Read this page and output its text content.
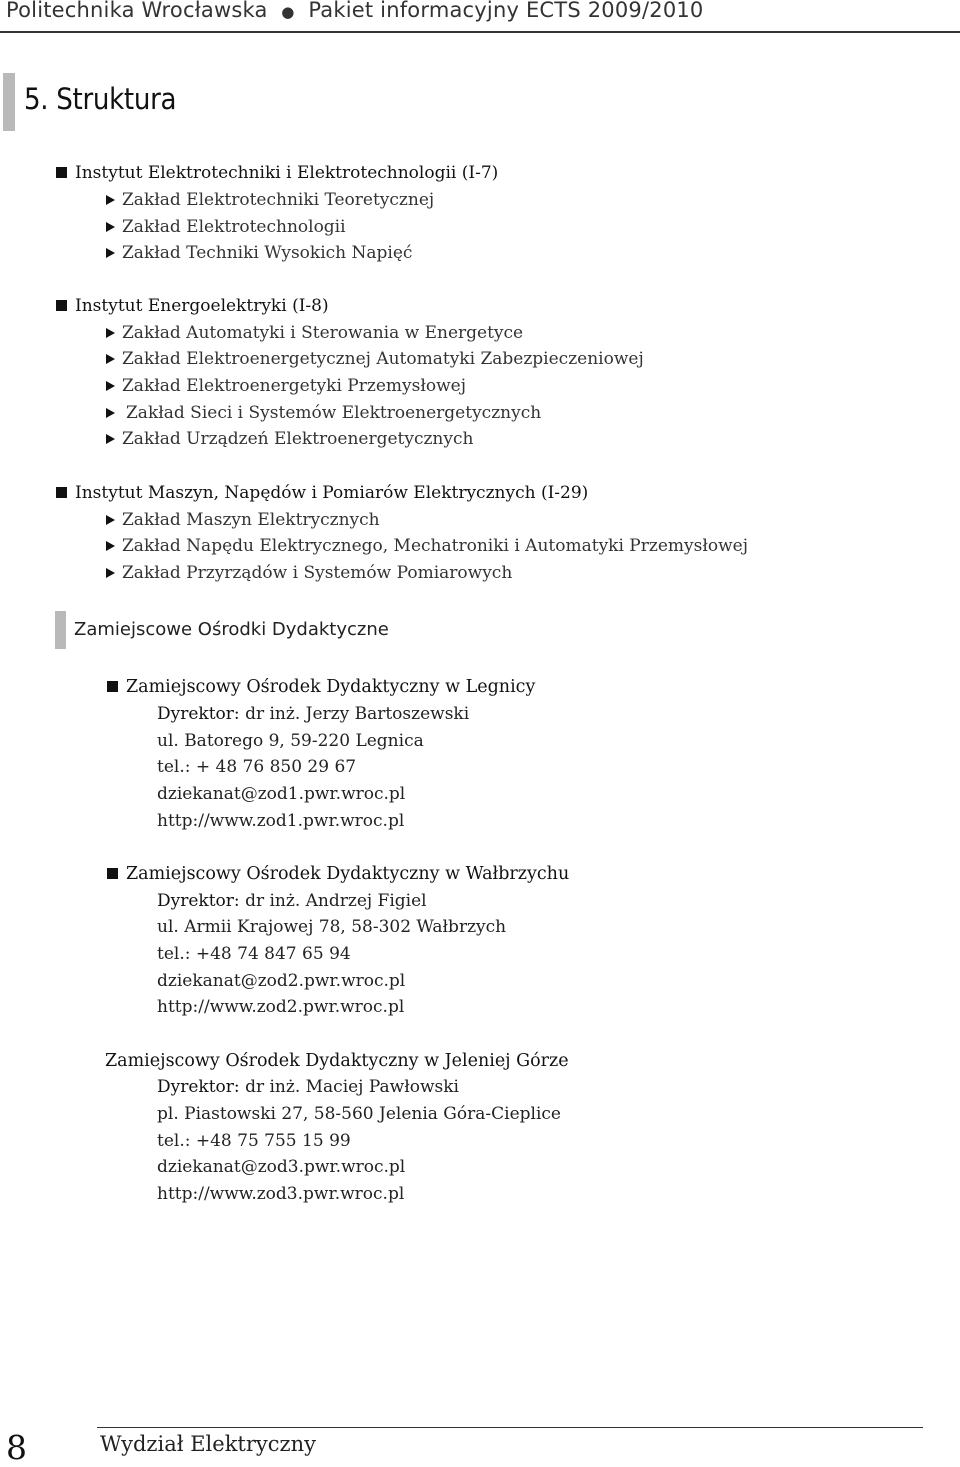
Politechnika Wrocławska ● Pakiet informacyjny ECTS 2009/2010
5. Struktura
Instytut Elektrotechniki i Elektrotechnologii (I-7)
Zakład Elektrotechniki Teoretycznej
Zakład Elektrotechnologii
Zakład Techniki Wysokich Napięć
Instytut Energoelektryki (I-8)
Zakład Automatyki i Sterowania w Energetyce
Zakład Elektroenergetycznej Automatyki Zabezpieczeniowej
Zakład Elektroenergetyki Przemysłowej
Zakład Sieci i Systemów Elektroenergetycznych
Zakład Urządzeń Elektroenergetycznych
Instytut Maszyn, Napędów i Pomiarów Elektrycznych (I-29)
Zakład Maszyn Elektrycznych
Zakład Napędu Elektrycznego, Mechatroniki i Automatyki Przemysłowej
Zakład Przyrządów i Systemów Pomiarowych
Zamiejscowe Ośrodki Dydaktyczne
Zamiejscowy Ośrodek Dydaktyczny w Legnicy
Dyrektor: dr inż. Jerzy Bartoszewski
ul. Batorego 9, 59-220 Legnica
tel.: + 48 76 850 29 67
dziekanat@zod1.pwr.wroc.pl
http://www.zod1.pwr.wroc.pl
Zamiejscowy Ośrodek Dydaktyczny w Wałbrzychu
Dyrektor: dr inż. Andrzej Figiel
ul. Armii Krajowej 78, 58-302 Wałbrzych
tel.: +48 74 847 65 94
dziekanat@zod2.pwr.wroc.pl
http://www.zod2.pwr.wroc.pl
Zamiejscowy Ośrodek Dydaktyczny w Jeleniej Górze
Dyrektor: dr inż. Maciej Pawłowski
pl. Piastowski 27, 58-560 Jelenia Góra-Cieplice
tel.: +48 75 755 15 99
dziekanat@zod3.pwr.wroc.pl
http://www.zod3.pwr.wroc.pl
8	Wydział Elektryczny
